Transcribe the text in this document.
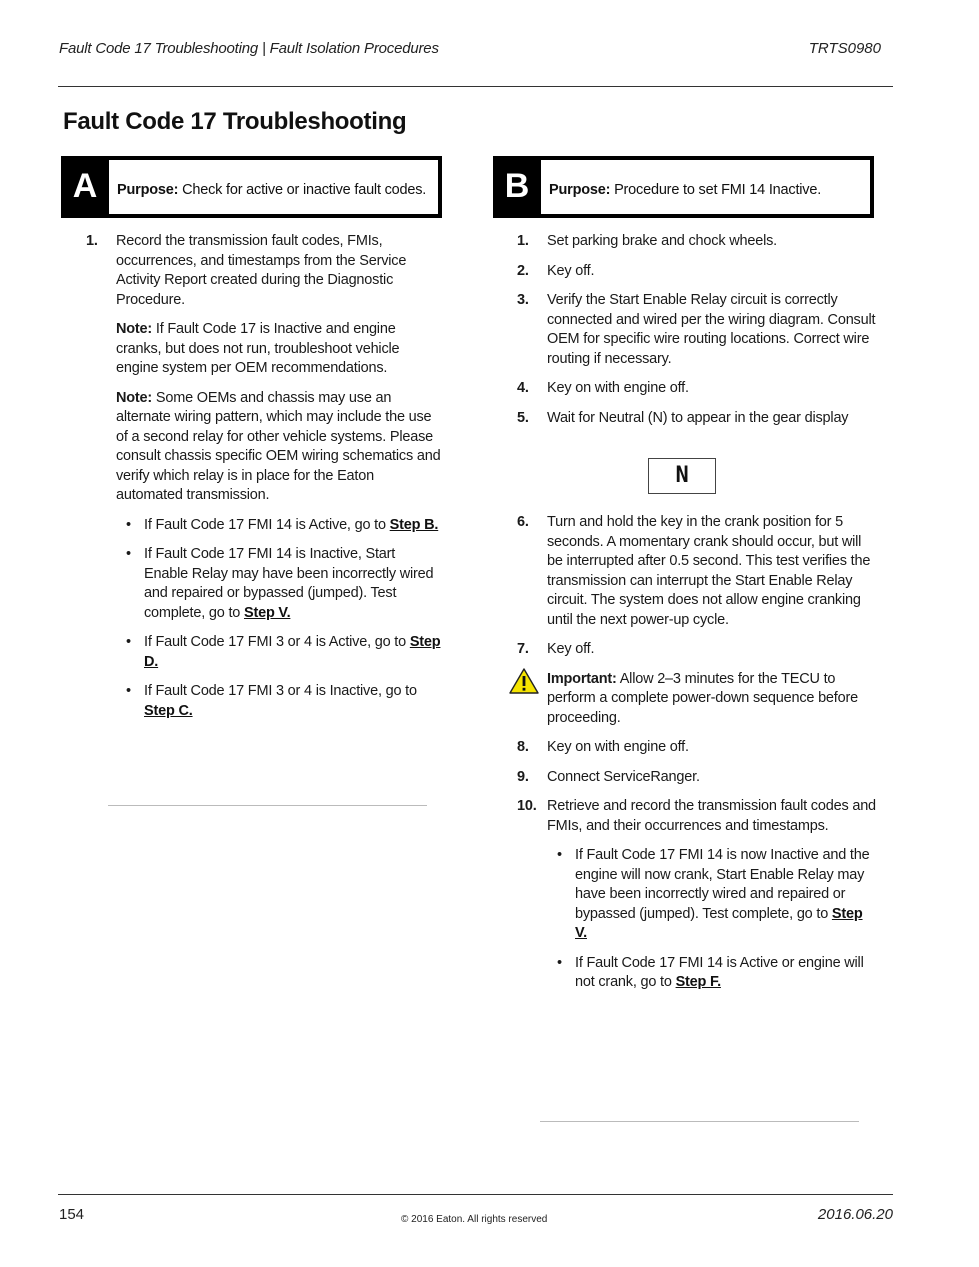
Fault Code 17 Troubleshooting | Fault Isolation Procedures	TRTS0980
Fault Code 17 Troubleshooting
A	Purpose: Check for active or inactive fault codes.	B	Purpose: Procedure to set FMI 14 Inactive.
1. Record the transmission fault codes, FMIs, occurrences, and timestamps from the Service Activity Report created during the Diagnostic Procedure.
Note: If Fault Code 17 is Inactive and engine cranks, but does not run, troubleshoot vehicle engine system per OEM recommendations.
Note: Some OEMs and chassis may use an alternate wiring pattern, which may include the use of a second relay for other vehicle systems. Please consult chassis specific OEM wiring schematics and verify which relay is in place for the Eaton automated transmission.
• If Fault Code 17 FMI 14 is Active, go to Step B.
• If Fault Code 17 FMI 14 is Inactive, Start Enable Relay may have been incorrectly wired and repaired or bypassed (jumped). Test complete, go to Step V.
• If Fault Code 17 FMI 3 or 4 is Active, go to Step D.
• If Fault Code 17 FMI 3 or 4 is Inactive, go to Step C.
1. Set parking brake and chock wheels.
2. Key off.
3. Verify the Start Enable Relay circuit is correctly connected and wired per the wiring diagram. Consult OEM for specific wire routing locations. Correct wire routing if necessary.
4. Key on with engine off.
5. Wait for Neutral (N) to appear in the gear display
N
6. Turn and hold the key in the crank position for 5 seconds. A momentary crank should occur, but will be interrupted after 0.5 second. This test verifies the transmission can interrupt the Start Enable Relay circuit. The system does not allow engine cranking until the next power-up cycle.
7. Key off.
Important: Allow 2–3 minutes for the TECU to perform a complete power-down sequence before proceeding.
8. Key on with engine off.
9. Connect ServiceRanger.
10. Retrieve and record the transmission fault codes and FMIs, and their occurrences and timestamps.
• If Fault Code 17 FMI 14 is now Inactive and the engine will now crank, Start Enable Relay may have been incorrectly wired and repaired or bypassed (jumped). Test complete, go to Step V.
• If Fault Code 17 FMI 14 is Active or engine will not crank, go to Step F.
154	© 2016 Eaton. All rights reserved	2016.06.20
